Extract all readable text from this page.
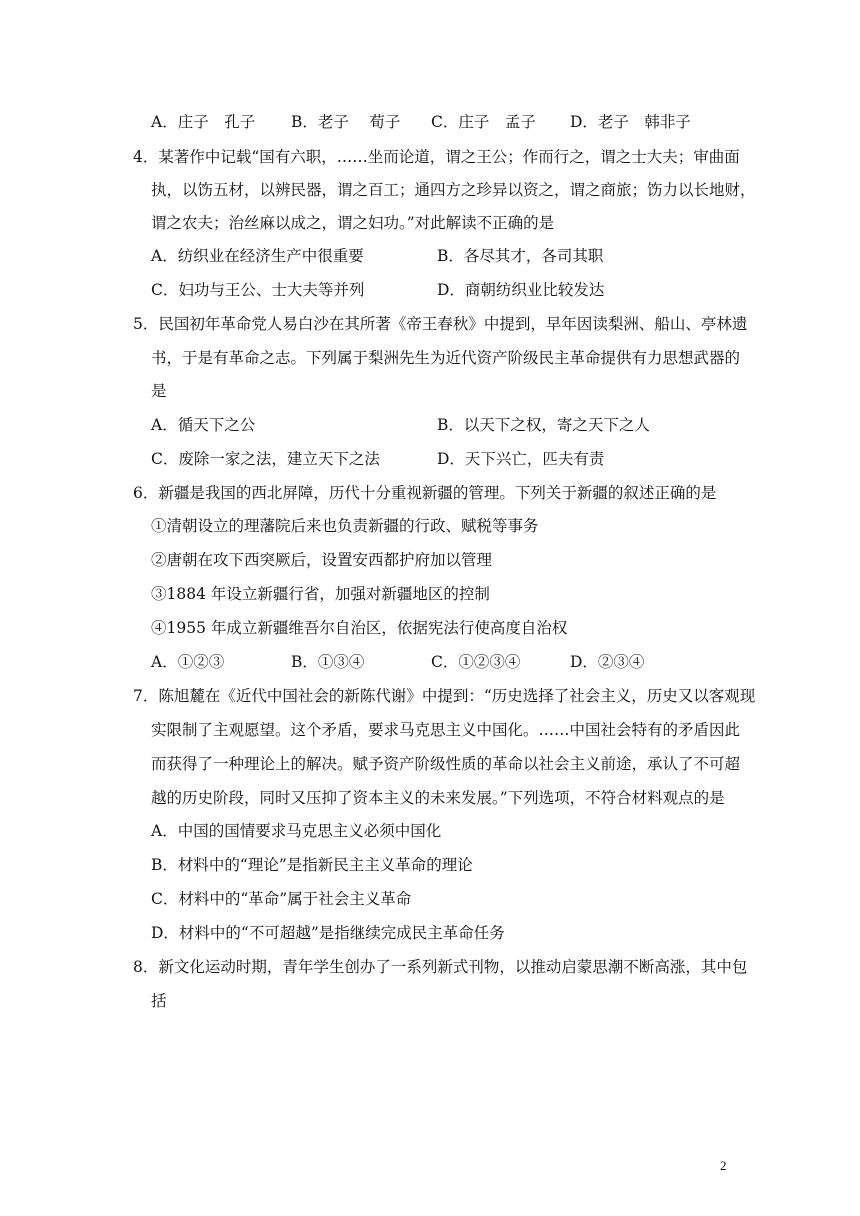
A．庄子　孔子 B．老子　 荀子 C．庄子　孟子 D．老子　韩非子
4．某著作中记载“国有六职，……坐而论道，谓之王公；作而行之，谓之士大夫；审曲面
执，以饬五材，以辨民器，谓之百工；通四方之珍异以资之，谓之商旅；饬力以长地财，
谓之农夫；治丝麻以成之，谓之妇功。”对此解读不正确的是
A．纺织业在经济生产中很重要	B．各尽其才，各司其职
C．妇功与王公、士大夫等并列	D．商朝纺织业比较发达
5．民国初年革命党人易白沙在其所著《帝王春秋》中提到，早年因读梨洲、船山、亭林遗
书，于是有革命之志。下列属于梨洲先生为近代资产阶级民主革命提供有力思想武器的
是
A．循天下之公	B．以天下之权，寄之天下之人
C．废除一家之法，建立天下之法	D．天下兴亡，匹夫有责
6．新疆是我国的西北屏障，历代十分重视新疆的管理。下列关于新疆的叙述正确的是
①清朝设立的理藩院后来也负责新疆的行政、赋税等事务
②唐朝在攻下西突厥后，设置安西都护府加以管理
③1884 年设立新疆行省，加强对新疆地区的控制
④1955 年成立新疆维吾尔自治区，依据宪法行使高度自治权
A．①②③	B．①③④	C．①②③④	D．②③④
7．陈旭麓在《近代中国社会的新陈代谢》中提到：“历史选择了社会主义，历史又以客观现
实限制了主观愿望。这个矛盾，要求马克思主义中国化。……中国社会特有的矛盾因此
而获得了一种理论上的解决。赋予资产阶级性质的革命以社会主义前途，承认了不可超
越的历史阶段，同时又压抑了资本主义的未来发展。”下列选项，不符合材料观点的是
A．中国的国情要求马克思主义必须中国化
B．材料中的“理论”是指新民主主义革命的理论
C．材料中的“革命”属于社会主义革命
D．材料中的“不可超越”是指继续完成民主革命任务
8．新文化运动时期，青年学生创办了一系列新式刊物，以推动启蒙思潮不断高涨，其中包
括
2
